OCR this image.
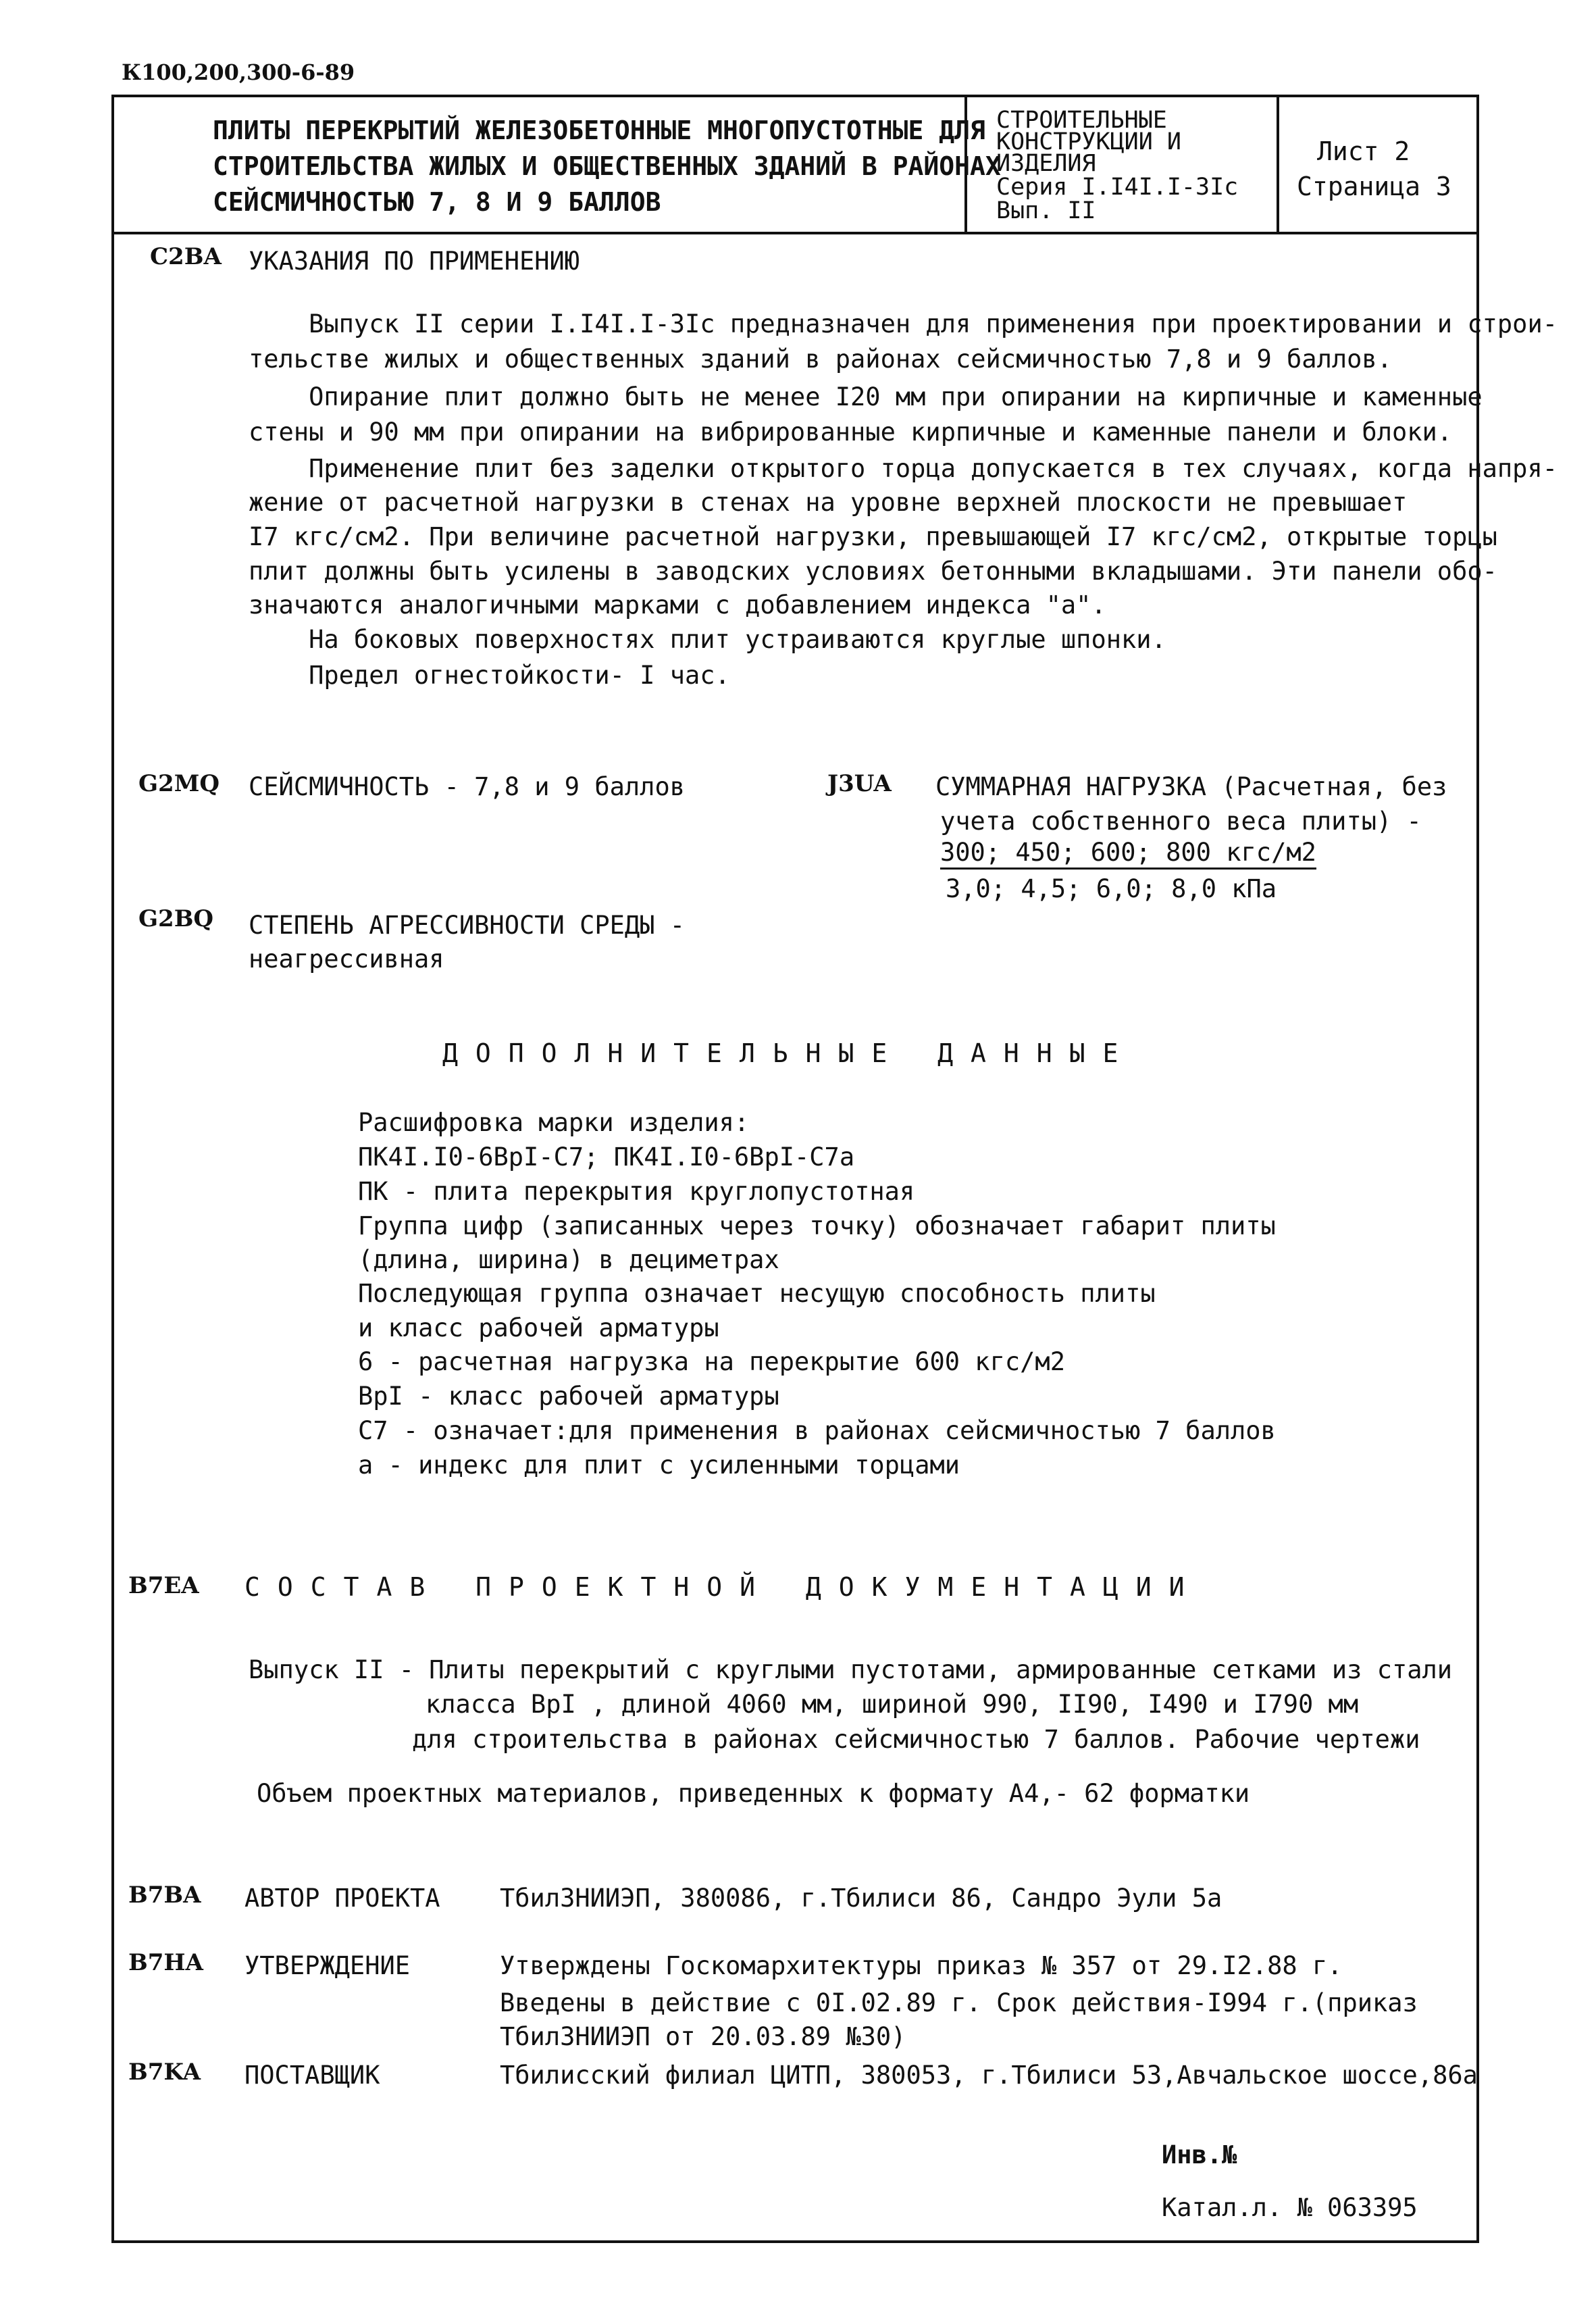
К100,200,300-6-89
ПЛИТЫ ПЕРЕКРЫТИЙ ЖЕЛЕЗОБЕТОННЫЕ МНОГОПУСТОТНЫЕ ДЛЯ
СТРОИТЕЛЬСТВА ЖИЛЫХ И ОБЩЕСТВЕННЫХ ЗДАНИЙ В РАЙОНАХ
СЕЙСМИЧНОСТЬЮ 7, 8 И 9 БАЛЛОВ
СТРОИТЕЛЬНЫЕ
КОНСТРУКЦИИ И
ИЗДЕЛИЯ
Серия I.I4I.I-3Ic
Вып. II
Лист 2
Страница 3
C2BA УКАЗАНИЯ ПО ПРИМЕНЕНИЮ
Выпуск II серии I.I4I.I-3Ic предназначен для применения при проектировании и строи-
тельстве жилых и общественных зданий в районах сейсмичностью 7,8 и 9 баллов.
Опирание плит должно быть не менее I20 мм при опирании на кирпичные и каменные
стены и 90 мм при опирании на вибрированные кирпичные и каменные панели и блоки.
Применение плит без заделки открытого торца допускается в тех случаях, когда напря-
жение от расчетной нагрузки в стенах на уровне верхней плоскости не превышает
I7 кгс/см2. При величине расчетной нагрузки, превышающей I7 кгс/см2, открытые торцы
плит должны быть усилены в заводских условиях бетонными вкладышами. Эти панели обо-
значаются аналогичными марками с добавлением индекса "а".
На боковых поверхностях плит устраиваются круглые шпонки.
Предел огнестойкости- I час.
G2MQ СЕЙСМИЧНОСТЬ - 7,8 и 9 баллов	J3UA СУММАРНАЯ НАГРУЗКА (Расчетная, без
учета собственного веса плиты) -
300; 450; 600; 800 кгс/м2
3,0; 4,5; 6,0; 8,0 кПа
G2BQ СТЕПЕНЬ АГРЕССИВНОСТИ СРЕДЫ -
неагрессивная
ДОПОЛНИТЕЛЬНЫЕ ДАННЫЕ
Расшифровка марки изделия:
ПК4I.I0-6BpI-C7; ПК4I.I0-6BpI-C7a
ПК - плита перекрытия круглопустотная
Группа цифр (записанных через точку) обозначает габарит плиты
(длина, ширина) в дециметрах
Последующая группа означает несущую способность плиты
и класс рабочей арматуры
6 - расчетная нагрузка на перекрытие 600 кгс/м2
BpI - класс рабочей арматуры
C7 - означает:для применения в районах сейсмичностью 7 баллов
а - индекс для плит с усиленными торцами
B7EA СОСТАВ ПРОЕКТНОЙ ДОКУМЕНТАЦИИ
Выпуск II - Плиты перекрытий с круглыми пустотами, армированные сетками из стали
класса BpI , длиной 4060 мм, шириной 990, II90, I490 и I790 мм
для строительства в районах сейсмичностью 7 баллов. Рабочие чертежи
Объем проектных материалов, приведенных к формату А4,- 62 форматки
B7BA АВТОР ПРОЕКТА ТбилЗНИИЭП, 380086, г.Тбилиси 86, Сандро Эули 5а
B7HA УТВЕРЖДЕНИЕ	Утверждены Госкомархитектуры приказ № 357 от 29.I2.88 г.
Введены в действие с 0I.02.89 г. Срок действия-I994 г.(приказ
ТбилЗНИИЭП от 20.03.89 №30)
B7KA ПОСТАВЩИК	Тбилисский филиал ЦИТП, 380053, г.Тбилиси 53,Авчальское шоссе,86а
Инв.№
Катал.л. № 063395
